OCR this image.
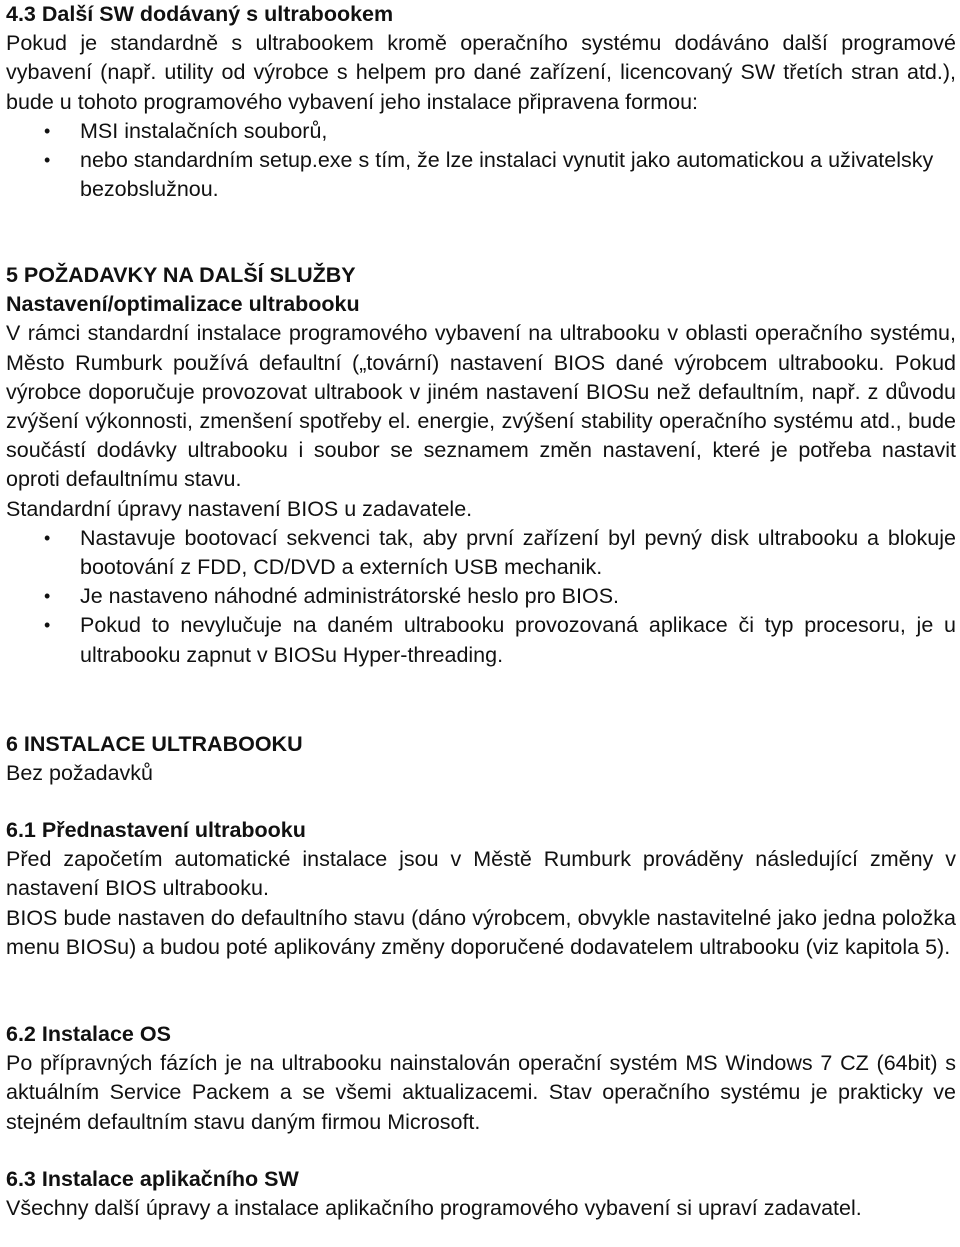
4.3 Další SW dodávaný s ultrabookem
Pokud je standardně s ultrabookem kromě operačního systému dodáváno další programové vybavení (např. utility od výrobce s helpem pro dané zařízení, licencovaný SW třetích stran atd.), bude u tohoto programového vybavení jeho instalace připravena formou:
• MSI instalačních souborů,
• nebo standardním setup.exe s tím, že lze instalaci vynutit jako automatickou a uživatelsky bezobslužnou.
5 POŽADAVKY NA DALŠÍ SLUŽBY
Nastavení/optimalizace ultrabooku
V rámci standardní instalace programového vybavení na ultrabooku v oblasti operačního systému, Město Rumburk používá defaultní („tovární) nastavení BIOS dané výrobcem ultrabooku. Pokud výrobce doporučuje provozovat ultrabook v jiném nastavení BIOSu než defaultním, např. z důvodu zvýšení výkonnosti, zmenšení spotřeby el. energie, zvýšení stability operačního systému atd., bude součástí dodávky ultrabooku i soubor se seznamem změn nastavení, které je potřeba nastavit oproti defaultnímu stavu.
Standardní úpravy nastavení BIOS u zadavatele.
• Nastavuje bootovací sekvenci tak, aby první zařízení byl pevný disk ultrabooku a blokuje bootování z FDD, CD/DVD a externích USB mechanik.
• Je nastaveno náhodné administrátorské heslo pro BIOS.
• Pokud to nevylučuje na daném ultrabooku provozovaná aplikace či typ procesoru, je u ultrabooku zapnut v BIOSu Hyper-threading.
6 INSTALACE ULTRABOOKU
Bez požadavků
6.1 Přednastavení ultrabooku
Před započetím automatické instalace jsou v Městě Rumburk prováděny následující změny v nastavení BIOS ultrabooku.
BIOS bude nastaven do defaultního stavu (dáno výrobcem, obvykle nastavitelné jako jedna položka menu BIOSu) a budou poté aplikovány změny doporučené dodavatelem ultrabooku (viz kapitola 5).
6.2 Instalace OS
Po přípravných fázích je na ultrabooku nainstalován operační systém MS Windows 7 CZ (64bit) s aktuálním Service Packem a se všemi aktualizacemi. Stav operačního systému je prakticky ve stejném defaultním stavu daným firmou Microsoft.
6.3 Instalace aplikačního SW
Všechny další úpravy a instalace aplikačního programového vybavení si upraví zadavatel.
